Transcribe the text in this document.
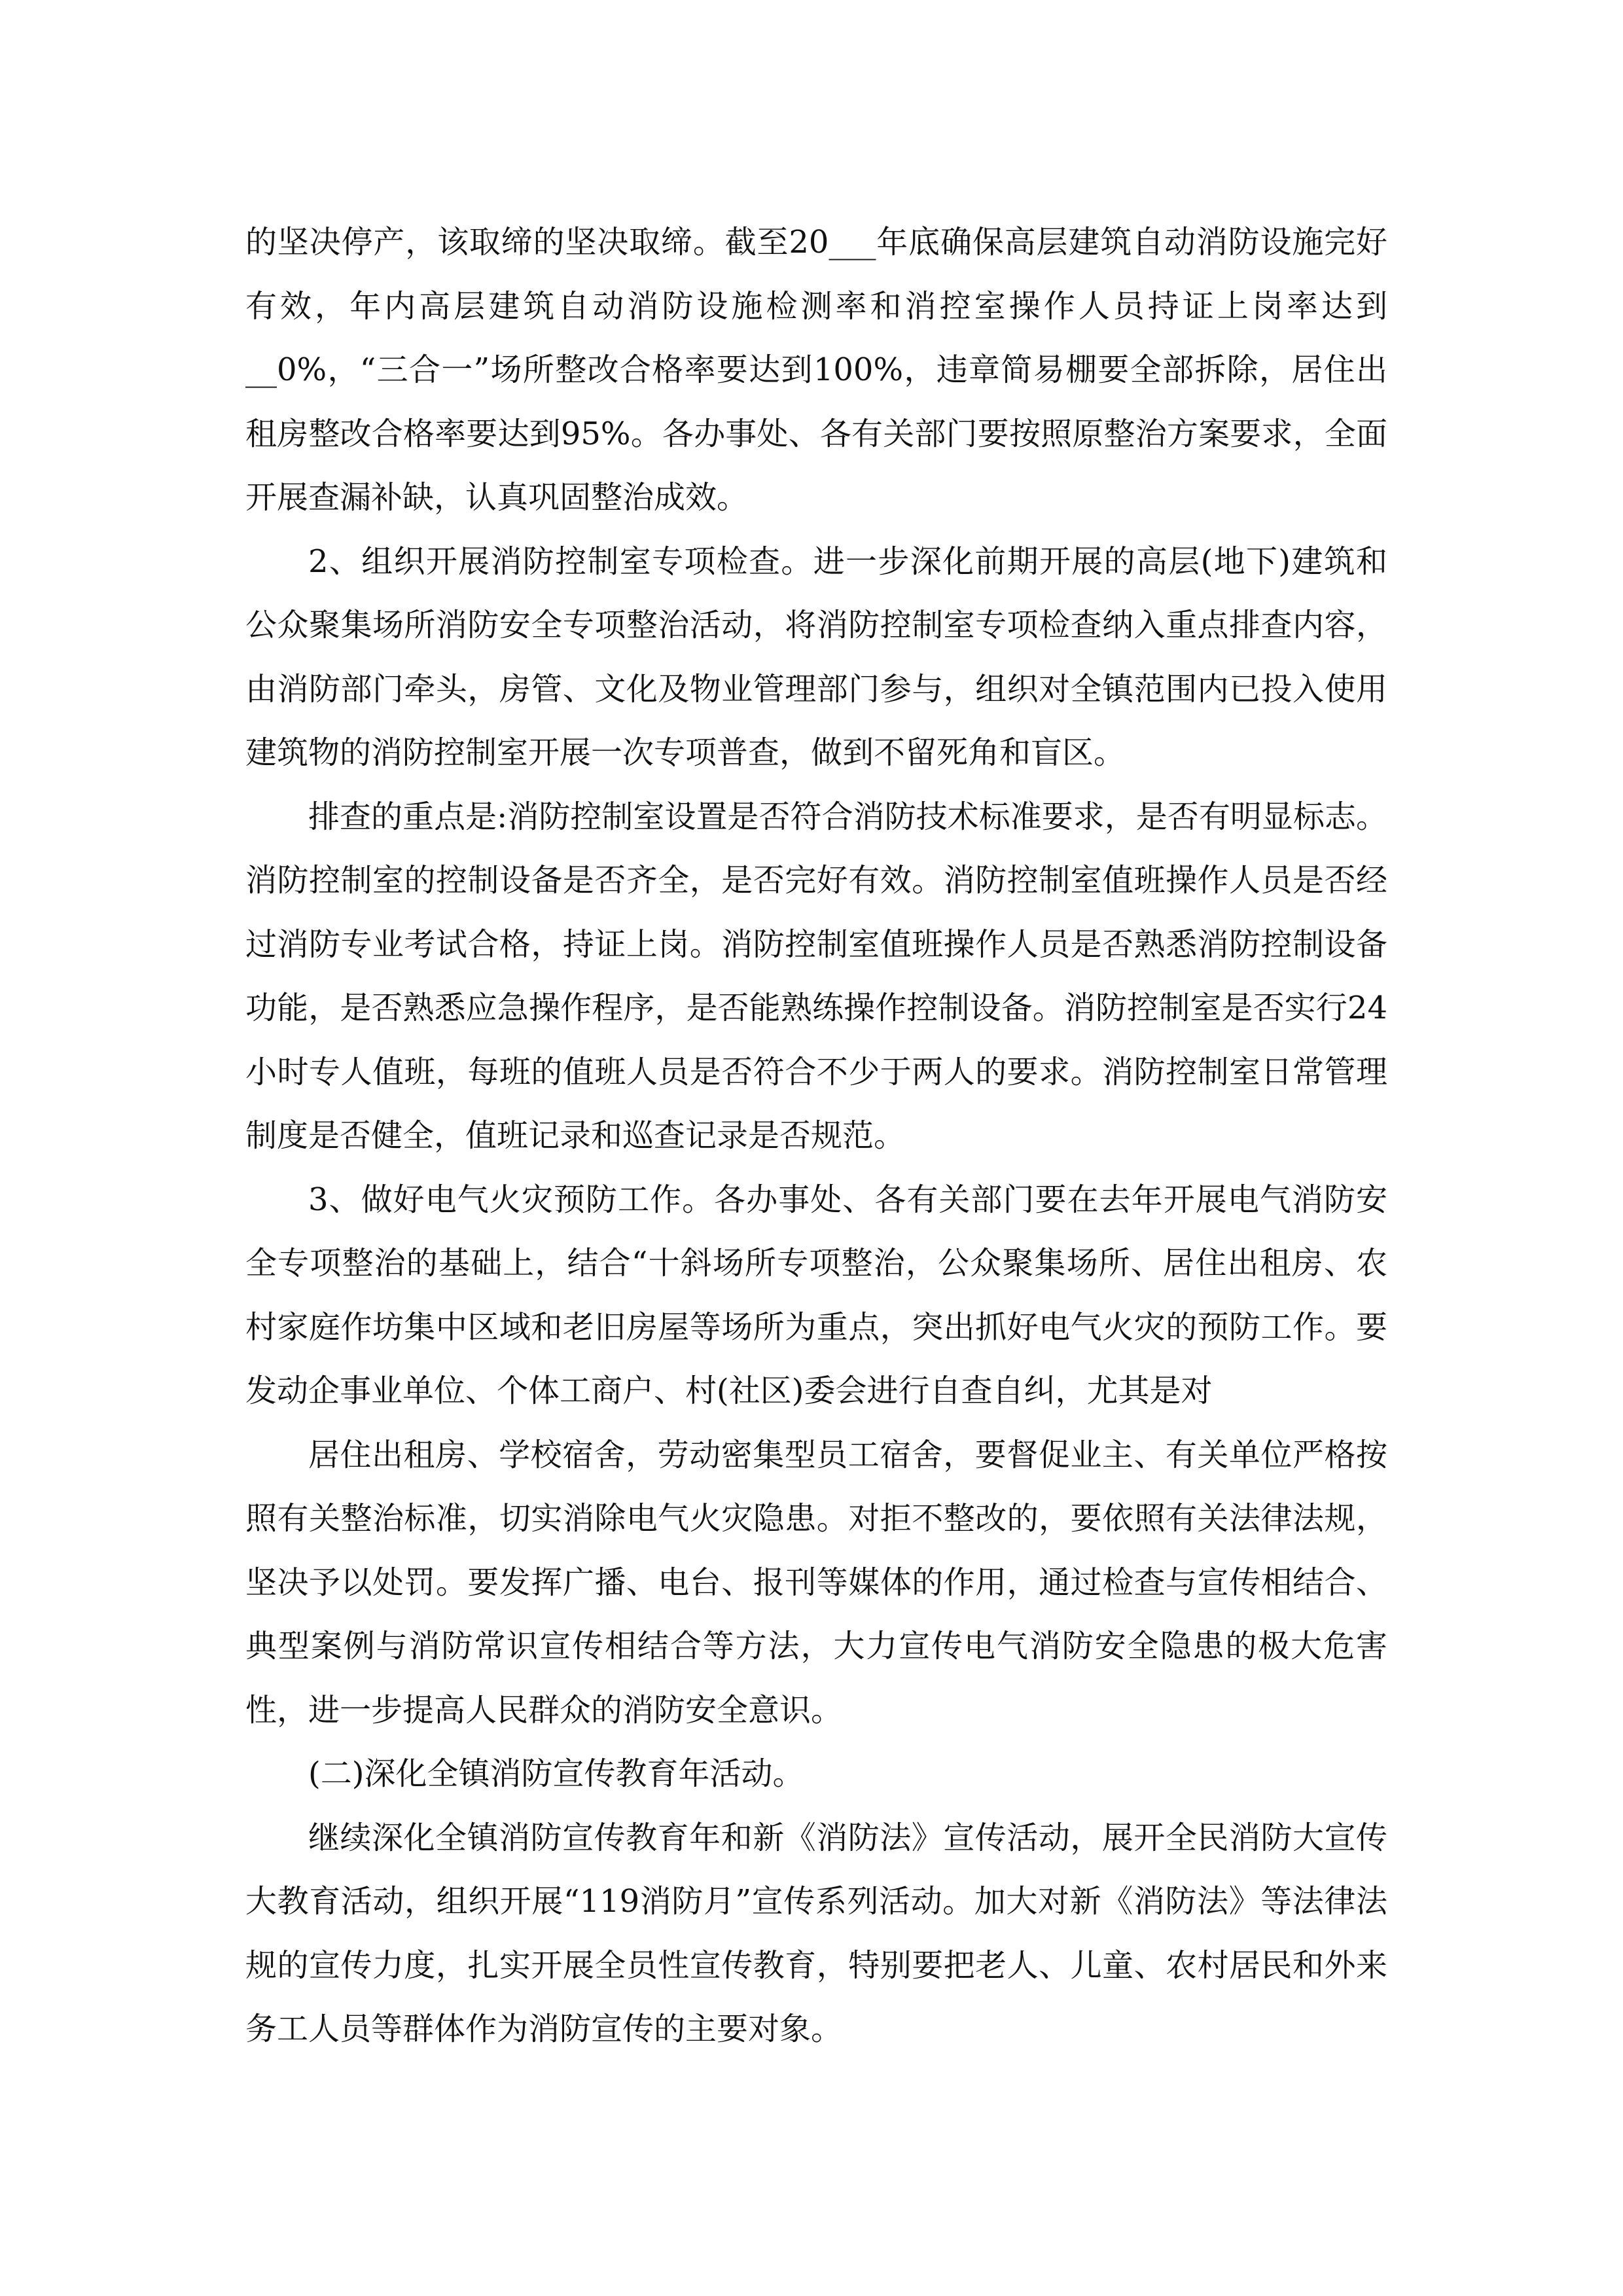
的坚决停产，该取缔的坚决取缔。截至20___年底确保高层建筑自动消防设施完好有效，年内高层建筑自动消防设施检测率和消控室操作人员持证上岗率达到__0%，“三合一”场所整改合格率要达到100%，违章简易棚要全部拆除，居住出租房整改合格率要达到95%。各办事处、各有关部门要按照原整治方案要求，全面开展查漏补缺，认真巩固整治成效。

2、组织开展消防控制室专项检查。进一步深化前期开展的高层(地下)建筑和公众聚集场所消防安全专项整治活动，将消防控制室专项检查纳入重点排查内容，由消防部门牵头，房管、文化及物业管理部门参与，组织对全镇范围内已投入使用建筑物的消防控制室开展一次专项普查，做到不留死角和盲区。

排查的重点是:消防控制室设置是否符合消防技术标准要求，是否有明显标志。消防控制室的控制设备是否齐全，是否完好有效。消防控制室值班操作人员是否经过消防专业考试合格，持证上岗。消防控制室值班操作人员是否熟悉消防控制设备功能，是否熟悉应急操作程序，是否能熟练操作控制设备。消防控制室是否实行24小时专人值班，每班的值班人员是否符合不少于两人的要求。消防控制室日常管理制度是否健全，值班记录和巡查记录是否规范。

3、做好电气火灾预防工作。各办事处、各有关部门要在去年开展电气消防安全专项整治的基础上，结合“十斜场所专项整治，公众聚集场所、居住出租房、农村家庭作坊集中区域和老旧房屋等场所为重点，突出抓好电气火灾的预防工作。要发动企事业单位、个体工商户、村(社区)委会进行自查自纠，尤其是对

居住出租房、学校宿舍，劳动密集型员工宿舍，要督促业主、有关单位严格按照有关整治标准，切实消除电气火灾隐患。对拒不整改的，要依照有关法律法规，坚决予以处罚。要发挥广播、电台、报刊等媒体的作用，通过检查与宣传相结合、典型案例与消防常识宣传相结合等方法，大力宣传电气消防安全隐患的极大危害性，进一步提高人民群众的消防安全意识。

(二)深化全镇消防宣传教育年活动。

继续深化全镇消防宣传教育年和新《消防法》宣传活动，展开全民消防大宣传大教育活动，组织开展“119消防月”宣传系列活动。加大对新《消防法》等法律法规的宣传力度，扎实开展全员性宣传教育，特别要把老人、儿童、农村居民和外来务工人员等群体作为消防宣传的主要对象。
